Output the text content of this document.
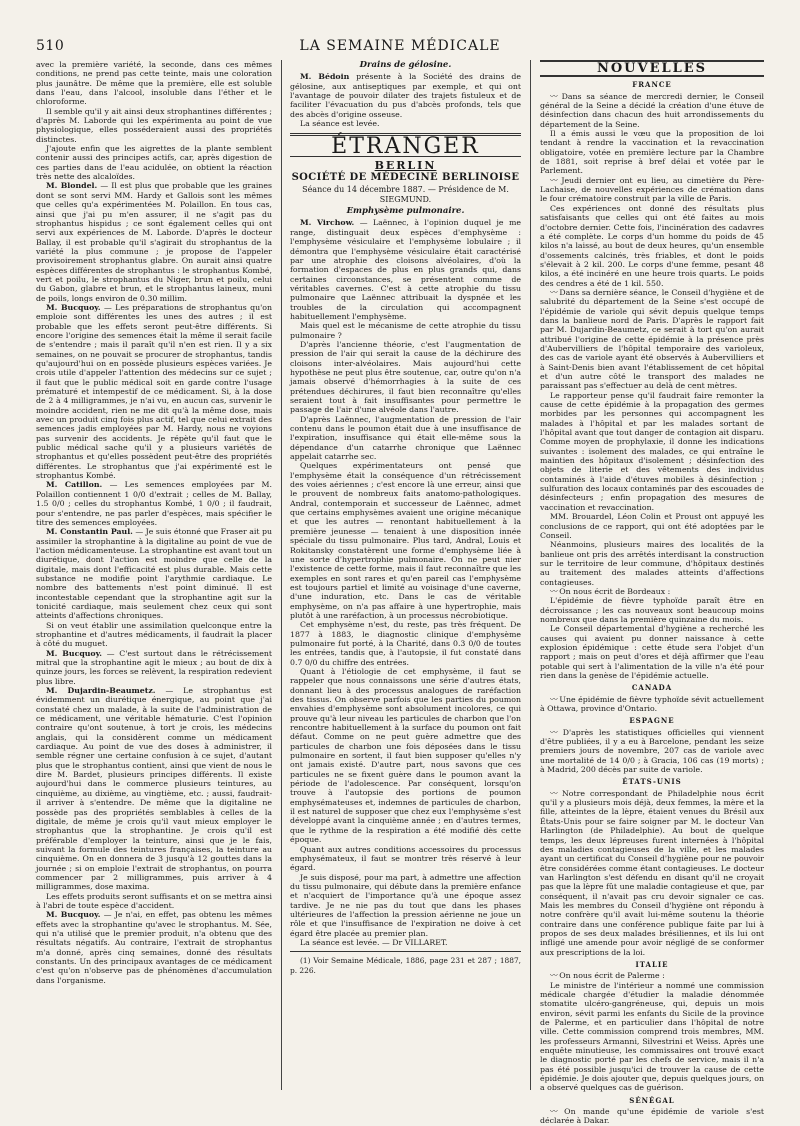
510	LA SEMAINE MÉDICALE

avec la première variété, la seconde, dans ces mêmes conditions, ne prend pas cette teinte, mais une coloration plus jaunâtre. De même que la première, elle est soluble dans l'eau, dans l'alcool, insoluble dans l'éther et le chloroforme.

Il semble qu'il y ait ainsi deux strophantines différentes ; d'après M. Laborde qui les expérimenta au point de vue physiologique, elles posséderaient aussi des propriétés distinctes.

J'ajoute enfin que les aigrettes de la plante semblent contenir aussi des principes actifs, car, après digestion de ces parties dans de l'eau acidulée, on obtient la réaction très nette des alcaloïdes.

M. Blondel. — Il est plus que probable que les graines dont se sont servi MM. Hardy et Gallois sont les mêmes que celles qu'a expérimentées M. Polaillon. En tous cas, ainsi que j'ai pu m'en assurer, il ne s'agit pas du strophantus hispidus ; ce sont également celles qui ont servi aux expériences de M. Laborde. D'après le docteur Ballay, il est probable qu'il s'agirait du strophantus de la variété la plus commune ; je propose de l'appeler provisoirement strophantus glabre. On aurait ainsi quatre espèces différentes de strophantus : le strophantus Kombé, vert et poilu, le strophantus du Niger, brun et poilu, celui du Gabon, glabre et brun, et le strophantus laineux, muni de poils, longs environ de 0.30 millim.

M. Bucquoy. — Les préparations de strophantus qu'on emploie sont différentes les unes des autres ; il est probable que les effets seront peut-être différents. Si encore l'origine des semences était la même il serait facile de s'entendre ; mais il paraît qu'il n'en est rien. Il y a six semaines, on ne pouvait se procurer de strophantus, tandis qu'aujourd'hui on en possède plusieurs espèces variées. Je crois utile d'appeler l'attention des médecins sur ce sujet ; il faut que le public médical soit en garde contre l'usage prématuré et intempestif de ce médicament. Si, à la dose de 2 à 4 milligrammes, je n'ai vu, en aucun cas, survenir le moindre accident, rien ne me dit qu'à la même dose, mais avec un produit cinq fois plus actif, tel que celui extrait des semences jadis employées par M. Hardy, nous ne voyions pas survenir des accidents. Je répète qu'il faut que le public médical sache qu'il y a plusieurs variétés de strophantus et qu'elles possèdent peut-être des propriétés différentes. Le strophantus que j'ai expérimenté est le strophantus Kombé.

M. Catillon. — Les semences employées par M. Polaillon contiennent 1 0/0 d'extrait ; celles de M. Ballay, 1.5 0/0 ; celles du strophantus Kombé, 1 0/0 ; il faudrait, pour s'entendre, ne pas parler d'espèces, mais spécifier le titre des semences employées.

M. Constantin Paul. — Je suis étonné que Fraser ait pu assimiler la strophantine à la digitaline au point de vue de l'action médicamenteuse. La strophantine est avant tout un diurétique, dont l'action est moindre que celle de la digitale, mais dont l'efficacité est plus durable. Mais cette substance ne modifie point l'arythmie cardiaque. Le nombre des battements n'est point diminué. Il est incontestable cependant que la strophantine agit sur la tonicité cardiaque, mais seulement chez ceux qui sont atteints d'affections chroniques.

Si on veut établir une assimilation quelconque entre la strophantine et d'autres médicaments, il faudrait la placer à côté du muguet.

M. Bucquoy. — C'est surtout dans le rétrécissement mitral que la strophantine agit le mieux ; au bout de dix à quinze jours, les forces se relèvent, la respiration redevient plus libre.

M. Dujardin-Beaumetz. — Le strophantus est évidemment un diurétique énergique, au point que j'ai constaté chez un malade, à la suite de l'administration de ce médicament, une véritable hématurie. C'est l'opinion contraire qu'ont soutenue, à tort je crois, les médecins anglais, qui la considèrent comme un médicament cardiaque. Au point de vue des doses à administrer, il semble régner une certaine confusion à ce sujet, d'autant plus que le strophantus contient, ainsi que vient de nous le dire M. Bardet, plusieurs principes différents. Il existe aujourd'hui dans le commerce plusieurs teintures, au cinquième, au dixième, au vingtième, etc. ; aussi, faudrait-il arriver à s'entendre. De même que la digitaline ne possède pas des propriétés semblables à celles de la digitale, de même je crois qu'il vaut mieux employer le strophantus que la strophantine. Je crois qu'il est préférable d'employer la teinture, ainsi que je le fais, suivant la formule des teintures françaises, la teinture au cinquième. On en donnera de 3 jusqu'à 12 gouttes dans la journée ; si on emploie l'extrait de strophantus, on pourra commencer par 2 milligrammes, puis arriver à 4 milligrammes, dose maxima.

Les effets produits seront suffisants et on se mettra ainsi à l'abri de toute espèce d'accident.

M. Bucquoy. — Je n'ai, en effet, pas obtenu les mêmes effets avec la strophantine qu'avec le strophantus. M. Sée, qui n'a utilisé que le premier produit, n'a obtenu que des résultats négatifs. Au contraire, l'extrait de strophantus m'a donné, après cinq semaines, donné des résultats constants. Un des principaux avantages de ce médicament c'est qu'on n'observe pas de phénomènes d'accumulation dans l'organisme.

Drains de gélosine.

M. Bédoin présente à la Société des drains de gélosine, aux antiseptiques par exemple, et qui ont l'avantage de pouvoir dilater des trajets fistuleux et de faciliter l'évacuation du pus d'abcès profonds, tels que des abcès d'origine osseuse.

La séance est levée.

ÉTRANGER
BERLIN
SOCIÉTÉ DE MÉDECINE BERLINOISE
Séance du 14 décembre 1887. — Présidence de M. SIEGMUND.
Emphysème pulmonaire.

M. Virchow. — Laënnec, à l'opinion duquel je me range, distinguait deux espèces d'emphysème : l'emphysème vésiculaire et l'emphysème lobulaire ; il démontra que l'emphysème vésiculaire était caractérisé par une atrophie des cloisons alvéolaires, d'où la formation d'espaces de plus en plus grands qui, dans certaines circonstances, se présentent comme de véritables cavernes. C'est à cette atrophie du tissu pulmonaire que Laënnec attribuait la dyspnée et les troubles de la circulation qui accompagnent habituellement l'emphysème.

Mais quel est le mécanisme de cette atrophie du tissu pulmonaire ?

D'après l'ancienne théorie, c'est l'augmentation de pression de l'air qui serait la cause de la déchirure des cloisons inter-alvéolaires. Mais aujourd'hui cette hypothèse ne peut plus être soutenue, car, outre qu'on n'a jamais observé d'hémorrhagies à la suite de ces prétendues déchirures, il faut bien reconnaître qu'elles seraient tout à fait insuffisantes pour permettre le passage de l'air d'une alvéole dans l'autre.

D'après Laënnec, l'augmentation de pression de l'air contenu dans le poumon était due à une insuffisance de l'expiration, insuffisance qui était elle-même sous la dépendance d'un catarrhe chronique que Laënnec appelait catarrhe sec.

Quelques expérimentateurs ont pensé que l'emphysème était la conséquence d'un rétrécissement des voies aériennes ; c'est encore là une erreur, ainsi que le prouvent de nombreux faits anatomo-pathologiques. Andral, contemporain et successeur de Laënnec, admet que certains emphysèmes avaient une origine mécanique et que les autres — renontant habituellement à la première jeunesse — tenaient à une disposition innée spéciale du tissu pulmonaire. Plus tard, Andral, Louis et Rokitansky constatèrent une forme d'emphysème liée à une sorte d'hypertrophie pulmonaire. On ne peut nier l'existence de cette forme, mais il faut reconnaître que les exemples en sont rares et qu'en pareil cas l'emphysème est toujours partiel et limité au voisinage d'une caverne, d'une induration, etc. Dans le cas de véritable emphysème, on n'a pas affaire à une hypertrophie, mais plutôt à une raréfaction, à un processus nécrobiotique.

Cet emphysème n'est, du reste, pas très fréquent. De 1877 à 1883, le diagnostic clinique d'emphysème pulmonaire fut porté, à la Charité, dans 0.3 0/0 de toutes les entrées, tandis que, à l'autopsie, il fut constaté dans 0.7 0/0 du chiffre des entrées.

Quant à l'étiologie de cet emphysème, il faut se rappeler que nous connaissons une série d'autres états, donnant lieu à des processus analogues de raréfaction des tissus. On observe parfois que les parties du poumon envahies d'emphysème sont absolument incolores, ce qui prouve qu'à leur niveau les particules de charbon que l'on rencontre habituellement à la surface du poumon ont fait défaut. Comme on ne peut guère admettre que des particules de charbon une fois déposées dans le tissu pulmonaire en sortent, il faut bien supposer qu'elles n'y ont jamais existé. D'autre part, nous savons que ces particules ne se fixent guère dans le poumon avant la période de l'adolescence. Par conséquent, lorsqu'on trouve à l'autopsie des portions de poumon emphysémateuses et, indemnes de particules de charbon, il est naturel de supposer que chez eux l'emphysème s'est développé avant la cinquième année ; en d'autres termes, que le rythme de la respiration a été modifié dès cette époque.

Quant aux autres conditions accessoires du processus emphysémateux, il faut se montrer très réservé à leur égard.

Je suis disposé, pour ma part, à admettre une affection du tissu pulmonaire, qui débute dans la première enfance et n'acquiert de l'importance qu'à une époque assez tardive. Je ne nie pas du tout que dans les phases ultérieures de l'affection la pression aérienne ne joue un rôle et que l'insuffisance de l'expiration ne doive à cet égard être placée au premier plan.

La séance est levée. — Dr VILLARET.

(1) Voir Semaine Médicale, 1886, page 231 et 287 ; 1887, p. 226.

NOUVELLES
FRANCE

〰 Dans sa séance de mercredi dernier, le Conseil général de la Seine a décidé la création d'une étuve de désinfection dans chacun des huit arrondissements du département de la Seine.

Il a émis aussi le vœu que la proposition de loi tendant à rendre la vaccination et la revaccination obligatoire, votée en première lecture par la Chambre de 1881, soit reprise à bref délai et votée par le Parlement.

〰 Jeudi dernier ont eu lieu, au cimetière du Père-Lachaise, de nouvelles expériences de crémation dans le four crématoire construit par la ville de Paris.

Ces expériences ont donné des résultats plus satisfaisants que celles qui ont été faites au mois d'octobre dernier. Cette fois, l'incinération des cadavres a été complète. Le corps d'un homme du poids de 45 kilos n'a laissé, au bout de deux heures, qu'un ensemble d'ossements calcinés, très friables, et dont le poids s'élevait à 2 kil. 200. Le corps d'une femme, pesant 48 kilos, a été incinéré en une heure trois quarts. Le poids des cendres a été de 1 kil. 550.

〰 Dans sa dernière séance, le Conseil d'hygiène et de salubrité du département de la Seine s'est occupé de l'épidémie de variole qui sévit depuis quelque temps dans la banlieue nord de Paris. D'après le rapport fait par M. Dujardin-Beaumetz, ce serait à tort qu'on aurait attribué l'origine de cette épidémie à la présence près d'Aubervilliers de l'hôpital temporaire des varioleux, des cas de variole ayant été observés à Aubervilliers et à Saint-Denis bien avant l'établissement de cet hôpital et d'un autre côté le transport des malades ne paraissant pas s'effectuer au delà de cent mètres.

Le rapporteur pense qu'il faudrait faire remonter la cause de cette épidémie à la propagation des germes morbides par les personnes qui accompagnent les malades à l'hôpital et par les malades sortant de l'hôpital avant que tout danger de contagion ait disparu. Comme moyen de prophylaxie, il donne les indications suivantes : isolement des malades, ce qui entraîne le maintien des hôpitaux d'isolement ; désinfection des objets de literie et des vêtements des individus contaminés à l'aide d'étuves mobiles à désinfection ; sulfuration des locaux contaminés par des escouades de désinfecteurs ; enfin propagation des mesures de vaccination et revaccination.

MM. Brouardel, Léon Colin et Proust ont appuyé les conclusions de ce rapport, qui ont été adoptées par le Conseil.

Néanmoins, plusieurs maires des localités de la banlieue ont pris des arrêtés interdisant la construction sur le territoire de leur commune, d'hôpitaux destinés au traitement des malades atteints d'affections contagieuses.

〰 On nous écrit de Bordeaux :

L'épidémie de fièvre typhoïde paraît être en décroissance ; les cas nouveaux sont beaucoup moins nombreux que dans la première quinzaine du mois.

Le Conseil départemental d'hygiène a recherché les causes qui avaient pu donner naissance à cette explosion épidémique : cette étude sera l'objet d'un rapport ; mais on peut d'ores et déjà affirmer que l'eau potable qui sert à l'alimentation de la ville n'a été pour rien dans la genèse de l'épidémie actuelle.

CANADA

〰 Une épidémie de fièvre typhoïde sévit actuellement à Ottawa, province d'Ontario.

ESPAGNE

〰 D'après les statistiques officielles qui viennent d'être publiées, il y a eu à Barcelone, pendant les seize premiers jours de novembre, 207 cas de variole avec une mortalité de 14 0/0 ; à Gracia, 106 cas (19 morts) ; à Madrid, 200 décès par suite de variole.

ÉTATS-UNIS

〰 Notre correspondant de Philadelphie nous écrit qu'il y a plusieurs mois déjà, deux femmes, la mère et la fille, atteintes de la lèpre, étaient venues du Brésil aux États-Unis pour se faire soigner par M. le docteur Van Harlington (de Philadelphie). Au bout de quelque temps, les deux lépreuses furent internées à l'hôpital des maladies contagieuses de la ville, et les malades ayant un certificat du Conseil d'hygiène pour ne pouvoir être considérées comme étant contagieuses. Le docteur van Harlington s'est défendu en disant qu'il ne croyait pas que la lèpre fût une maladie contagieuse et que, par conséquent, il n'avait pas cru devoir signaler ce cas. Mais les membres du Conseil d'hygiène ont répondu à notre confrère qu'il avait lui-même soutenu la théorie contraire dans une conférence publique faite par lui à propos de ses deux malades brésiliennes, et ils lui ont infligé une amende pour avoir négligé de se conformer aux prescriptions de la loi.

ITALIE

〰 On nous écrit de Palerme :

Le ministre de l'intérieur a nommé une commission médicale chargée d'étudier la maladie dénommée stomatite ulcéro-gangréneuse, qui, depuis un mois environ, sévit parmi les enfants du Sicile de la province de Palerme, et en particulier dans l'hôpital de notre ville. Cette commission comprend trois membres, MM. les professeurs Armanni, Silvestrini et Weiss. Après une enquête minutieuse, les commissaires ont trouvé exact le diagnostic porté par les chefs de service, mais il n'a pas été possible jusqu'ici de trouver la cause de cette épidémie. Je dois ajouter que, depuis quelques jours, on a observé quelques cas de guérison.

SÉNÉGAL

〰 On mande qu'une épidémie de variole s'est déclarée à Dakar.
